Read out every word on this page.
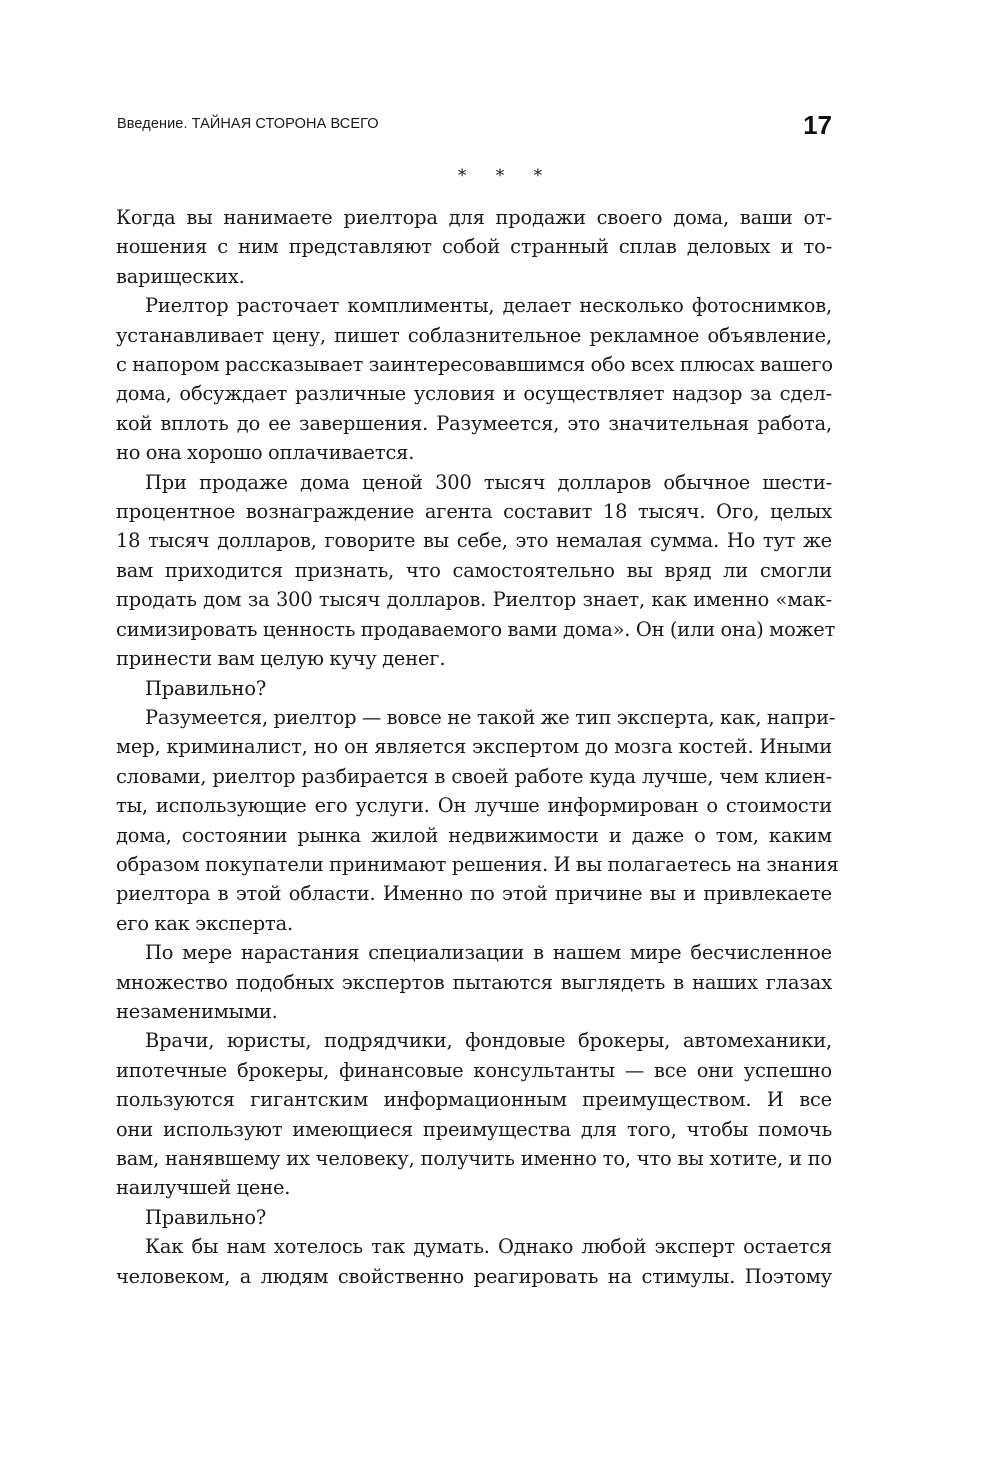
Введение. ТАЙНАЯ СТОРОНА ВСЕГО	17
* * *

Когда вы нанимаете риелтора для продажи своего дома, ваши от-
ношения с ним представляют собой странный сплав деловых и то-
варищеских.

Риелтор расточает комплименты, делает несколько фотоснимков,
устанавливает цену, пишет соблазнительное рекламное объявление,
с напором рассказывает заинтересовавшимся обо всех плюсах вашего
дома, обсуждает различные условия и осуществляет надзор за сдел-
кой вплоть до ее завершения. Разумеется, это значительная работа,
но она хорошо оплачивается.

При продаже дома ценой 300 тысяч долларов обычное шести-
процентное вознаграждение агента составит 18 тысяч. Ого, целых
18 тысяч долларов, говорите вы себе, это немалая сумма. Но тут же
вам приходится признать, что самостоятельно вы вряд ли смогли
продать дом за 300 тысяч долларов. Риелтор знает, как именно «мак-
симизировать ценность продаваемого вами дома». Он (или она) может
принести вам целую кучу денег.

Правильно?

Разумеется, риелтор — вовсе не такой же тип эксперта, как, напри-
мер, криминалист, но он является экспертом до мозга костей. Иными
словами, риелтор разбирается в своей работе куда лучше, чем клиен-
ты, использующие его услуги. Он лучше информирован о стоимости
дома, состоянии рынка жилой недвижимости и даже о том, каким
образом покупатели принимают решения. И вы полагаетесь на знания
риелтора в этой области. Именно по этой причине вы и привлекаете
его как эксперта.

По мере нарастания специализации в нашем мире бесчисленное
множество подобных экспертов пытаются выглядеть в наших глазах
незаменимыми.

Врачи, юристы, подрядчики, фондовые брокеры, автомеханики,
ипотечные брокеры, финансовые консультанты — все они успешно
пользуются гигантским информационным преимуществом. И все
они используют имеющиеся преимущества для того, чтобы помочь
вам, нанявшему их человеку, получить именно то, что вы хотите, и по
наилучшей цене.

Правильно?

Как бы нам хотелось так думать. Однако любой эксперт остается
человеком, а людям свойственно реагировать на стимулы. Поэтому
